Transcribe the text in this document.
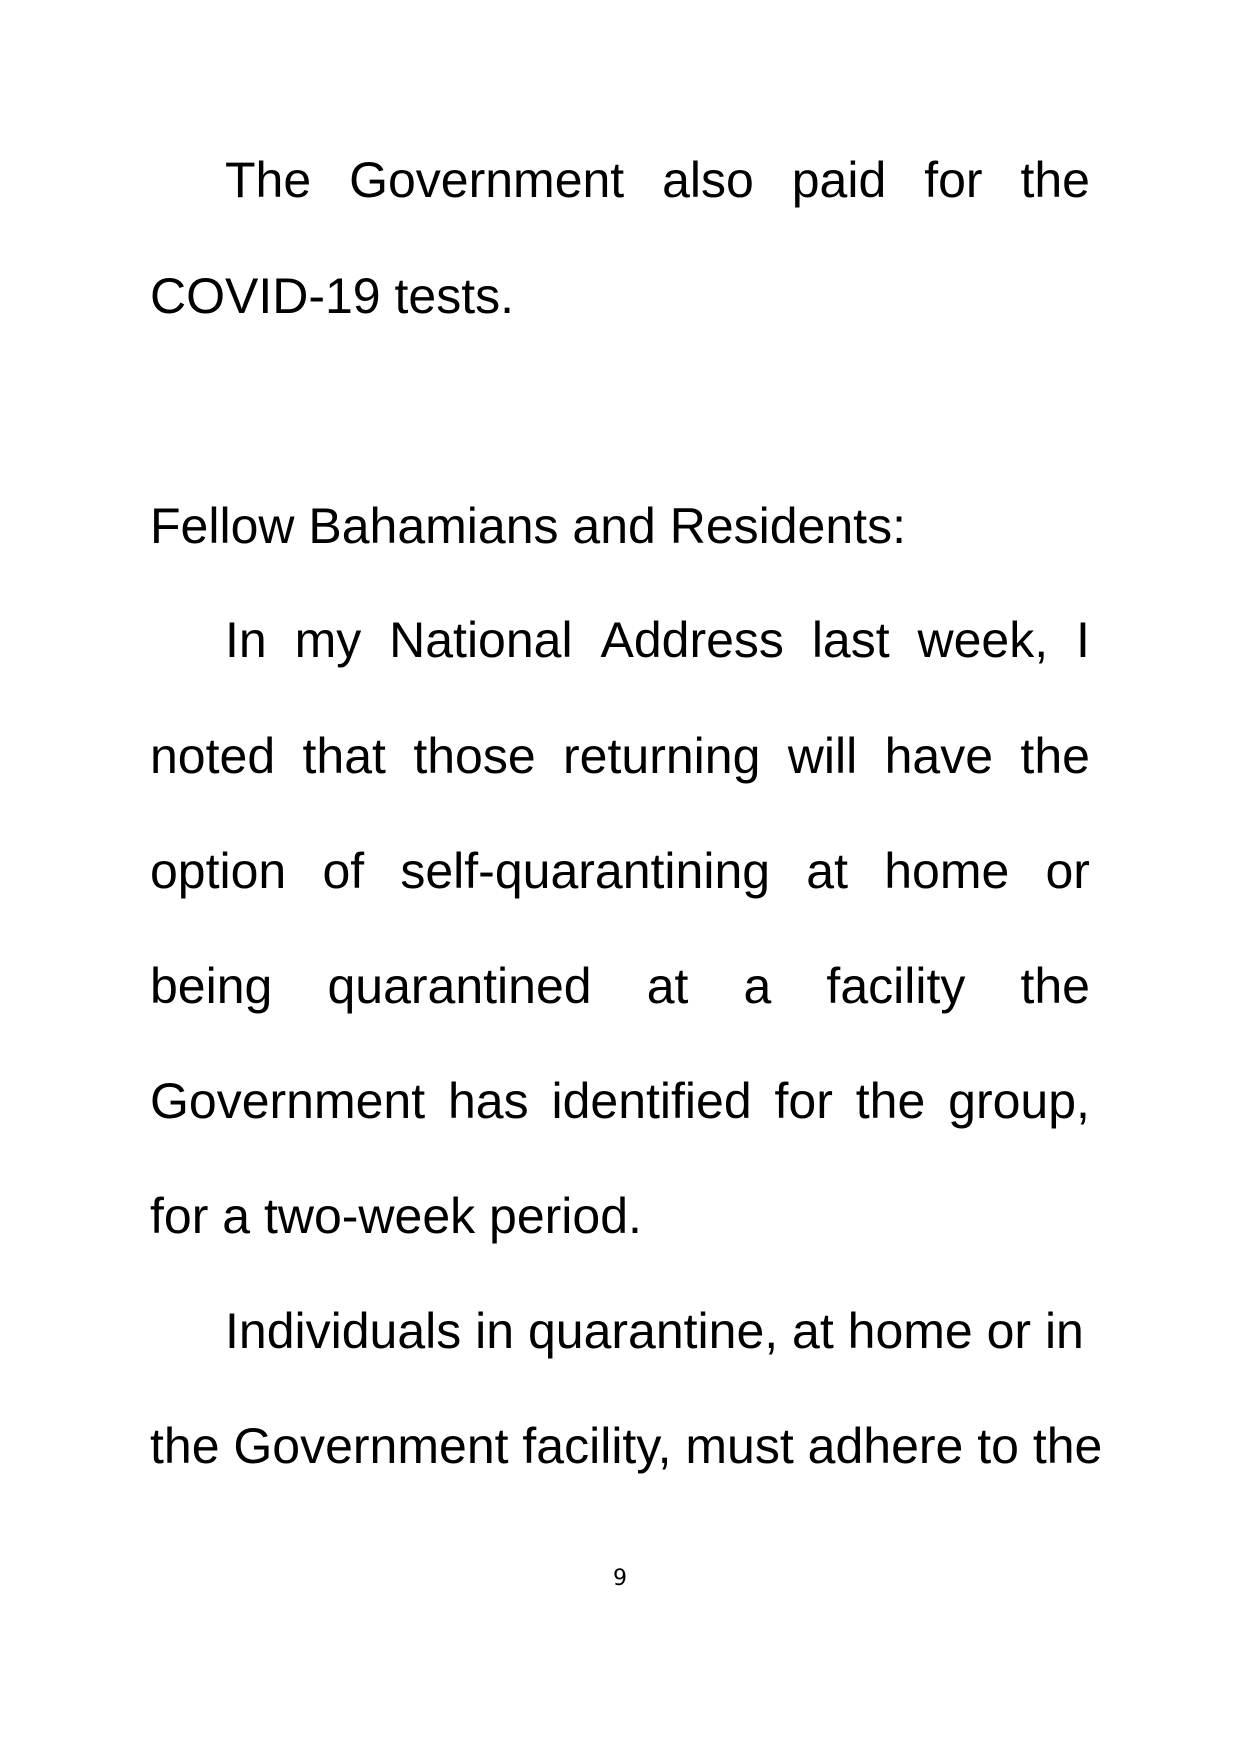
The Government also paid for the
COVID-19 tests.
Fellow Bahamians and Residents:
In my National Address last week, I
noted that those returning will have the
option of self-quarantining at home or
being quarantined at a facility the
Government has identified for the group,
for a two-week period.
Individuals in quarantine, at home or in
the Government facility, must adhere to the
9
